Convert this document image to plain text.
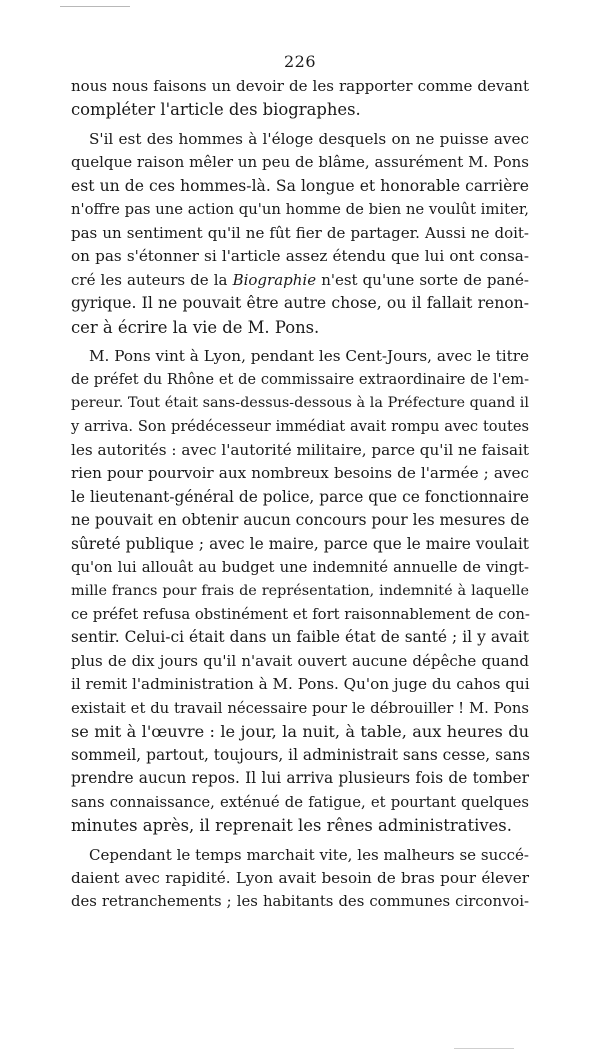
226
nous nous faisons un devoir de les rapporter comme devant
compléter l'article des biographes.
S'il est des hommes à l'éloge desquels on ne puisse avec
quelque raison mêler un peu de blâme, assurément M. Pons
est un de ces hommes-là. Sa longue et honorable carrière
n'offre pas une action qu'un homme de bien ne voulût imiter,
pas un sentiment qu'il ne fût fier de partager. Aussi ne doit-
on pas s'étonner si l'article assez étendu que lui ont consa-
cré les auteurs de la Biographie n'est qu'une sorte de pané-
gyrique. Il ne pouvait être autre chose, ou il fallait renon-
cer à écrire la vie de M. Pons.
M. Pons vint à Lyon, pendant les Cent-Jours, avec le titre
de préfet du Rhône et de commissaire extraordinaire de l'em-
pereur. Tout était sans-dessus-dessous à la Préfecture quand il
y arriva. Son prédécesseur immédiat avait rompu avec toutes
les autorités : avec l'autorité militaire, parce qu'il ne faisait
rien pour pourvoir aux nombreux besoins de l'armée ; avec
le lieutenant-général de police, parce que ce fonctionnaire
ne pouvait en obtenir aucun concours pour les mesures de
sûreté publique ; avec le maire, parce que le maire voulait
qu'on lui allouât au budget une indemnité annuelle de vingt-
mille francs pour frais de représentation, indemnité à laquelle
ce préfet refusa obstinément et fort raisonnablement de con-
sentir. Celui-ci était dans un faible état de santé ; il y avait
plus de dix jours qu'il n'avait ouvert aucune dépêche quand
il remit l'administration à M. Pons. Qu'on juge du cahos qui
existait et du travail nécessaire pour le débrouiller ! M. Pons
se mit à l'œuvre : le jour, la nuit, à table, aux heures du
sommeil, partout, toujours, il administrait sans cesse, sans
prendre aucun repos. Il lui arriva plusieurs fois de tomber
sans connaissance, exténué de fatigue, et pourtant quelques
minutes après, il reprenait les rênes administratives.
Cependant le temps marchait vite, les malheurs se succé-
daient avec rapidité. Lyon avait besoin de bras pour élever
des retranchements ; les habitants des communes circonvoi-
